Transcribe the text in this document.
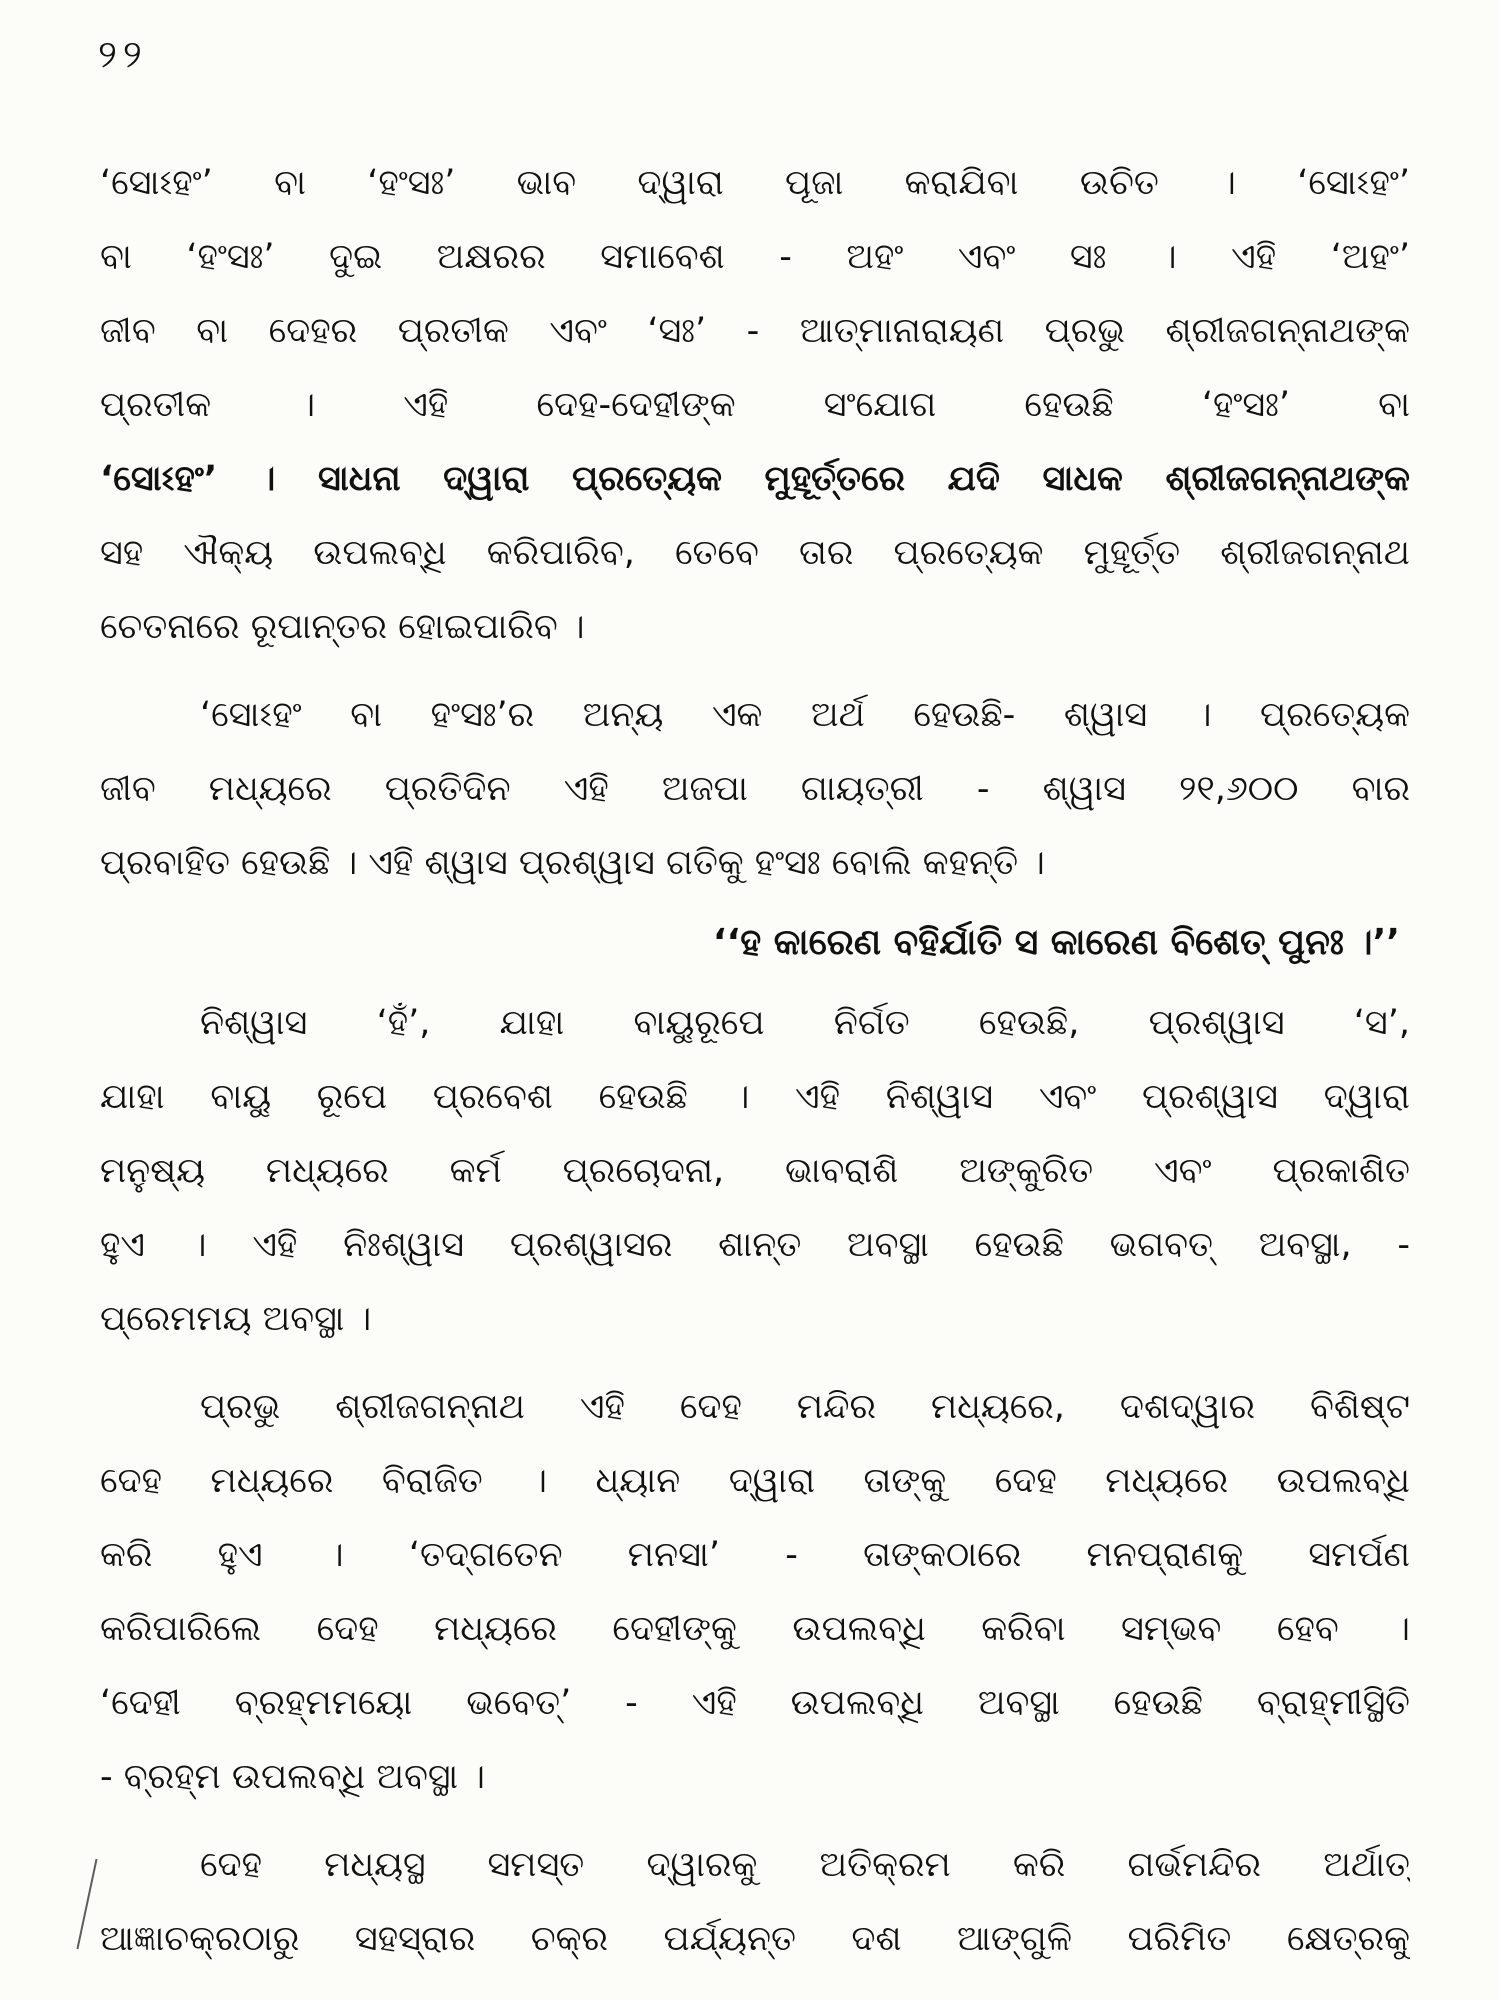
୨୨
‘ସୋଽହଂ’ ବା ‘ହଂସଃ’ ଭାବ ଦ୍ୱାରା ପୂଜା କରାଯିବା ଉଚିତ । ‘ସୋଽହଂ’
ବା ‘ହଂସଃ’ ଦୁଇ ଅକ୍ଷରର ସମାବେଶ - ଅହଂ ଏବଂ ସଃ । ଏହି ‘ଅହଂ’
ଜୀବ ବା ଦେହର ପ୍ରତୀକ ଏବଂ ‘ସଃ’ - ଆତ୍ମାନାରାୟଣ ପ୍ରଭୁ ଶ୍ରୀଜଗନ୍ନାଥଙ୍କ
ପ୍ରତୀକ । ଏହି ଦେହ-ଦେହୀଙ୍କ ସଂଯୋଗ ହେଉଛି ‘ହଂସଃ’ ବା
‘ସୋଽହଂ’ । ସାଧନା ଦ୍ୱାରା ପ୍ରତ୍ୟେକ ମୁହୂର୍ତ୍ତରେ ଯଦି ସାଧକ ଶ୍ରୀଜଗନ୍ନାଥଙ୍କ
ସହ ଐକ୍ୟ ଉପଲବ୍ଧି କରିପାରିବ, ତେବେ ତାର ପ୍ରତ୍ୟେକ ମୁହୂର୍ତ୍ତ ଶ୍ରୀଜଗନ୍ନାଥ
ଚେତନାରେ ରୂପାନ୍ତର ହୋଇପାରିବ ।
‘ସୋଽହଂ ବା ହଂସଃ’ର ଅନ୍ୟ ଏକ ଅର୍ଥ ହେଉଛି- ଶ୍ୱାସ । ପ୍ରତ୍ୟେକ
ଜୀବ ମଧ୍ୟରେ ପ୍ରତିଦିନ ଏହି ଅଜପା ଗାୟତ୍ରୀ - ଶ୍ୱାସ ୨୧,୬୦୦ ବାର
ପ୍ରବାହିତ ହେଉଛି । ଏହି ଶ୍ୱାସ ପ୍ରଶ୍ୱାସ ଗତିକୁ ହଂସଃ ବୋଲି କହନ୍ତି ।
‘‘ହ କାରେଣ ବହିର୍ଯାତି ସ କାରେଣ ବିଶେତ୍ ପୁନଃ ।’’
ନିଶ୍ୱାସ ‘ହଁ’, ଯାହା ବାୟୁରୂପେ ନିର୍ଗତ ହେଉଛି, ପ୍ରଶ୍ୱାସ ‘ସ’,
ଯାହା ବାୟୁ ରୂପେ ପ୍ରବେଶ ହେଉଛି । ଏହି ନିଶ୍ୱାସ ଏବଂ ପ୍ରଶ୍ୱାସ ଦ୍ୱାରା
ମନୁଷ୍ୟ ମଧ୍ୟରେ କର୍ମ ପ୍ରଚୋଦନା, ଭାବରାଶି ଅଙ୍କୁରିତ ଏବଂ ପ୍ରକାଶିତ
ହୁଏ । ଏହି ନିଃଶ୍ୱାସ ପ୍ରଶ୍ୱାସର ଶାନ୍ତ ଅବସ୍ଥା ହେଉଛି ଭଗବତ୍ ଅବସ୍ଥା, -
ପ୍ରେମମୟ ଅବସ୍ଥା ।
ପ୍ରଭୁ ଶ୍ରୀଜଗନ୍ନାଥ ଏହି ଦେହ ମନ୍ଦିର ମଧ୍ୟରେ, ଦଶଦ୍ୱାର ବିଶିଷ୍ଟ
ଦେହ ମଧ୍ୟରେ ବିରାଜିତ । ଧ୍ୟାନ ଦ୍ୱାରା ତାଙ୍କୁ ଦେହ ମଧ୍ୟରେ ଉପଲବ୍ଧି
କରି ହୁଏ । ‘ତଦ୍‌ଗତେନ ମନସା’ - ତାଙ୍କଠାରେ ମନପ୍ରାଣକୁ ସମର୍ପଣ
କରିପାରିଲେ ଦେହ ମଧ୍ୟରେ ଦେହୀଙ୍କୁ ଉପଲବ୍ଧି କରିବା ସମ୍ଭବ ହେବ ।
‘ଦେହୀ ବ୍ରହ୍ମମୟୋ ଭବେତ୍’ - ଏହି ଉପଲବ୍ଧି ଅବସ୍ଥା ହେଉଛି ବ୍ରାହ୍ମୀସ୍ଥିତି
- ବ୍ରହ୍ମ ଉପଲବ୍ଧି ଅବସ୍ଥା ।
ଦେହ ମଧ୍ୟସ୍ଥ ସମସ୍ତ ଦ୍ୱାରକୁ ଅତିକ୍ରମ କରି ଗର୍ଭମନ୍ଦିର ଅର୍ଥାତ୍
ଆଜ୍ଞାଚକ୍ରଠାରୁ ସହସ୍ରାର ଚକ୍ର ପର୍ଯ୍ୟନ୍ତ ଦଶ ଆଙ୍ଗୁଳି ପରିମିତ କ୍ଷେତ୍ରକୁ
